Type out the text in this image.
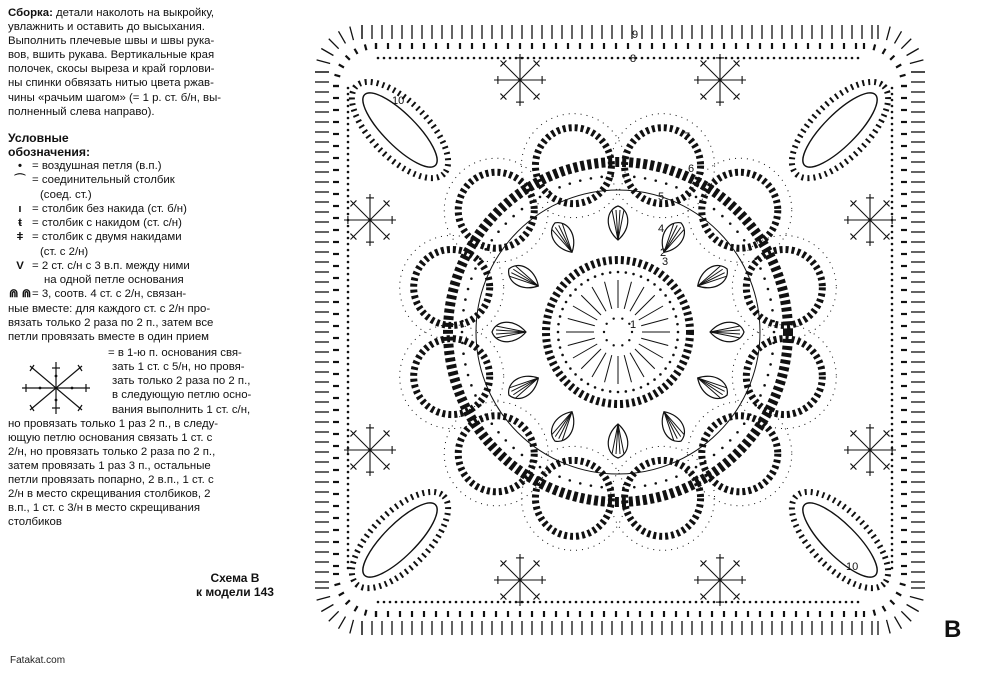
Сборка: детали наколоть на выкройку,

увлажнить и оставить до высыхания.
Выполнить плечевые швы и швы рука-
вов, вшить рукава. Вертикальные края
полочек, скосы выреза и край горлови-
ны спинки обвязать нитью цвета ржав-
чины «рачьим шагом» (= 1 р. ст. б/н, вы-
полненный слева направо).
Условные
обозначения:
• = воздушная петля (в.п.)
⌒ = соединительный столбик
(соед. ст.)
ı = столбик без накида (ст. б/н)
ŧ = столбик с накидом (ст. с/н)
ǂ = столбик с двумя накидами
(ст. с 2/н)
V = 2 ст. с/н с 3 в.п. между ними
на одной петле основания
⋒ ⋒ = 3, соотв. 4 ст. с 2/н, связан-
ные вместе: для каждого ст. с 2/н про-
вязать только 2 раза по 2 п., затем все
петли провязать вместе в один прием
= в 1-ю п. основания свя-
зать 1 ст. с 5/н, но провя-
зать только 2 раза по 2 п.,
в следующую петлю осно-
вания выполнить 1 ст. с/н,
но провязать только 1 раз 2 п., в следу-
ющую петлю основания связать 1 ст. с
2/н, но провязать только 2 раза по 2 п.,
затем провязать 1 раз 3 п., остальные
петли провязать попарно, 2 в.п., 1 ст. с
2/н в место скрещивания столбиков, 2
в.п., 1 ст. с 3/н в место скрещивания
столбиков
Схема В
к модели 143
1
2
3
4
5
6
7
8
9
10
10
B
Fatakat.com
